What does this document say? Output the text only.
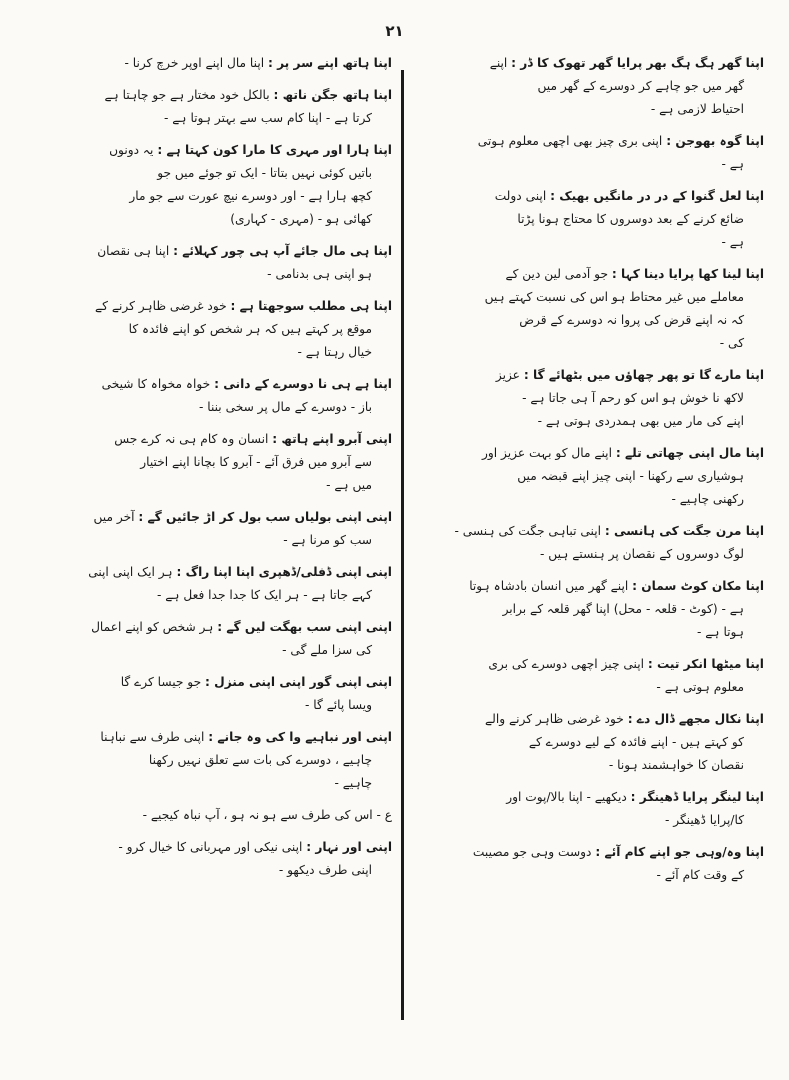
۲۱

اپنا گھر ہگ ہگ بھر پرایا گھر تھوک کا ڈر : اپنے

گھر میں جو چاہے کر دوسرے کے گھر میں

احتیاط لازمی ہے -

اپنا گوہ بھوجن : اپنی بری چیز بھی اچھی معلوم ہوتی

ہے -

اپنا لعل گنوا کے در در مانگیں بھیک : اپنی دولت

ضائع کرنے کے بعد دوسروں کا محتاج ہونا پڑتا

ہے -

اپنا لینا کھا پرایا دینا کہا : جو آدمی لین دین کے

معاملے میں غیر محتاط ہو اس کی نسبت کہتے ہیں

کہ نہ اپنے قرض کی پروا نہ دوسرے کے قرض

کی -

اپنا مارے گا تو پھر چھاؤں میں بٹھائے گا : عزیز

لاکھ نا خوش ہو اس کو رحم آ ہی جاتا ہے -

اپنے کی مار میں بھی ہمدردی ہوتی ہے -

اپنا مال اپنی چھاتی تلے : اپنے مال کو بہت عزیز اور

ہوشیاری سے رکھنا - اپنی چیز اپنے قبضہ میں

رکھنی چاہیے -

اپنا مرن جگت کی ہانسی : اپنی تباہی جگت کی ہنسی -

لوگ دوسروں کے نقصان پر ہنستے ہیں -

اپنا مکان کوٹ سمان : اپنے گھر میں انسان بادشاہ ہوتا

ہے - (کوٹ - قلعہ - محل) اپنا گھر قلعہ کے برابر

ہوتا ہے -

اپنا میٹھا انکر تیت : اپنی چیز اچھی دوسرے کی بری

معلوم ہوتی ہے -

اپنا نکال مجھے ڈال دے : خود غرضی ظاہر کرنے والے

کو کہتے ہیں - اپنے فائدہ کے لیے دوسرے کے

نقصان کا خواہشمند ہونا -

اپنا لینگر پرایا ڈھینگر : دیکھیے - اپنا بالا/پوت اور

کا/پرایا ڈھینگر -

اپنا وہ/وہی جو اپنے کام آئے : دوست وہی جو مصیبت

کے وقت کام آئے -

اپنا ہاتھ اپنے سر پر : اپنا مال اپنے اوپر خرچ کرنا -

اپنا ہاتھ جگن ناتھ : بالکل خود مختار ہے جو چاہتا ہے

کرتا ہے - اپنا کام سب سے بہتر ہوتا ہے -

اپنا ہارا اور مہری کا مارا کون کہتا ہے : یہ دونوں

باتیں کوئی نہیں بتاتا - ایک تو جوئے میں جو

کچھ ہارا ہے - اور دوسرے نیچ عورت سے جو مار

کھائی ہو - (مہری - کہاری)

اپنا ہی مال جائے آپ ہی چور کہلائے : اپنا ہی نقصان

ہو اپنی ہی بدنامی -

اپنا ہی مطلب سوجھتا ہے : خود غرضی ظاہر کرنے کے

موقع پر کہتے ہیں کہ ہر شخص کو اپنے فائدہ کا

خیال رہتا ہے -

اپنا ہے ہی نا دوسرے کے دانی : خواہ مخواہ کا شیخی

باز - دوسرے کے مال پر سخی بننا -

اپنی آبرو اپنے ہاتھ : انسان وہ کام ہی نہ کرے جس

سے آبرو میں فرق آئے - آبرو کا بچانا اپنے اختیار

میں ہے -

اپنی اپنی بولیاں سب بول کر اڑ جائیں گے : آخر میں

سب کو مرنا ہے -

اپنی اپنی ڈفلی/ڈھپری اپنا اپنا راگ : ہر ایک اپنی اپنی

کہے جاتا ہے - ہر ایک کا جدا جدا فعل ہے -

اپنی اپنی سب بھگت لیں گے : ہر شخص کو اپنے اعمال

کی سزا ملے گی -

اپنی اپنی گور اپنی اپنی منزل : جو جیسا کرے گا

ویسا پائے گا -

اپنی اور نباہیے وا کی وہ جانے : اپنی طرف سے نباہنا

چاہیے ، دوسرے کی بات سے تعلق نہیں رکھنا

چاہیے -

ع - اس کی طرف سے ہو نہ ہو ، آپ نباہ کیجیے -

اپنی اور نہار : اپنی نیکی اور مہربانی کا خیال کرو -

اپنی طرف دیکھو -
